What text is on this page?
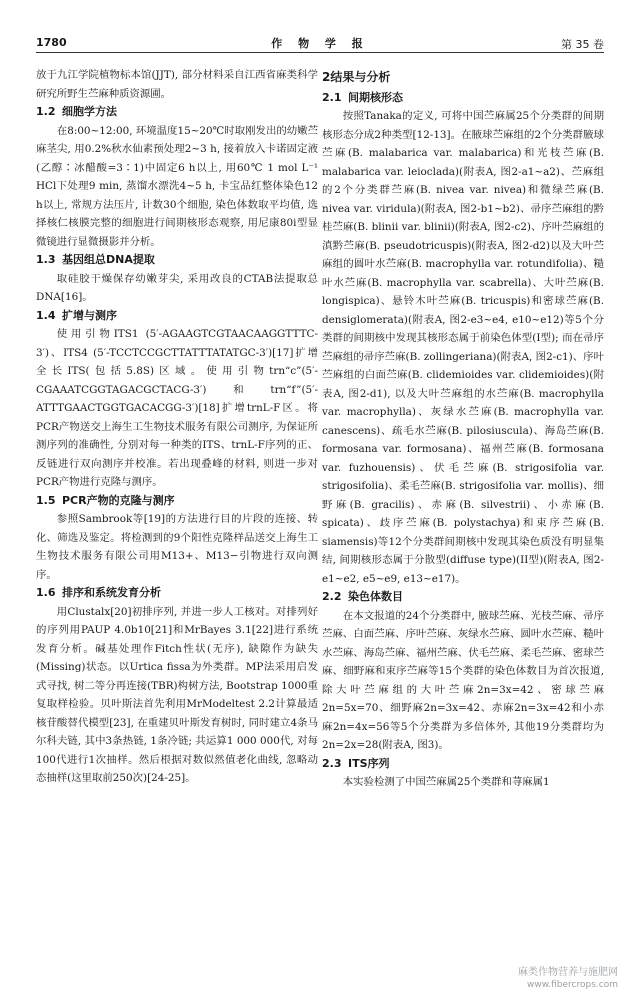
1780	作 物 学 报	第 35 卷

放于九江学院植物标本馆(JJT), 部分材料采自江西省麻类科学研究所野生苎麻种质资源圃。

1.2 细胞学方法

在8:00~12:00, 环境温度15~20℃时取刚发出的幼嫩苎麻茎尖, 用0.2%秋水仙素预处理2~3 h, 接着放入卡诺固定液(乙醇∶冰醋酸=3∶1)中固定6 h以上, 用60℃ 1 mol L⁻¹ HCl下处理9 min, 蒸馏水漂洗4~5 h, 卡宝品红整体染色12 h以上, 常规方法压片, 计数30个细胞, 染色体数取平均值, 选择核仁核膜完整的细胞进行间期核形态观察, 用尼康80i型显微镜进行显微摄影并分析。

1.3 基因组总DNA提取

取硅胶干燥保存幼嫩芽尖, 采用改良的CTAB法提取总DNA[16]。

1.4 扩增与测序

使用引物ITS1 (5′-AGAAGTCGTAACAAGGTTTC-3′)、ITS4 (5′-TCCTCCGCTTATTTATATGC-3′)[17]扩增全长ITS(包括5.8S)区域。使用引物trn“c”(5′-CGAAATCGGTAGACGCTACG-3′)和trn“f”(5′-ATTTGAACTGGTGACACGG-3′)[18]扩增trnL-F区。将PCR产物送交上海生工生物技术服务有限公司测序, 为保证所测序列的准确性, 分别对每一种类的ITS、trnL-F序列的正、反链进行双向测序并校准。若出现叠峰的材料, 则进一步对PCR产物进行克隆与测序。

1.5 PCR产物的克隆与测序

参照Sambrook等[19]的方法进行目的片段的连接、转化、筛选及鉴定。将检测到的9个阳性克隆样品送交上海生工生物技术服务有限公司用M13+、M13−引物进行双向测序。

1.6 排序和系统发育分析

用Clustalx[20]初排序列, 并进一步人工核对。对排列好的序列用PAUP 4.0b10[21]和MrBayes 3.1[22]进行系统发育分析。碱基处理作Fitch性状(无序), 缺隙作为缺失(Missing)状态。以Urtica fissa为外类群。MP法采用启发式寻找, 树二等分再连接(TBR)构树方法, Bootstrap 1000重复取样检验。贝叶斯法首先利用MrModeltest 2.2计算最适核苷酸替代模型[23], 在重建贝叶斯发育树时, 同时建立4条马尔科夫链, 其中3条热链, 1条冷链; 共运算1 000 000代, 对每100代进行1次抽样。然后根据对数似然值老化曲线, 忽略动态抽样(这里取前250次)[24-25]。

2结果与分析
2.1 间期核形态

按照Tanaka的定义, 可将中国苎麻属25个分类群的间期核形态分成2种类型[12-13]。在腋球苎麻组的2个分类群腋球苎麻(B. malabarica var. malabarica)和光枝苎麻(B. malabarica var. leioclada)(附表A, 图2-a1~a2)、苎麻组的2个分类群苎麻(B. nivea var. nivea)和微绿苎麻(B. nivea var. viridula)(附表A, 图2-b1~b2)、帚序苎麻组的黔桂苎麻(B. blinii var. blinii)(附表A, 图2-c2)、序叶苎麻组的滇黔苎麻(B. pseudotricuspis)(附表A, 图2-d2)以及大叶苎麻组的圆叶水苎麻(B. macrophylla var. rotundifolia)、糙叶水苎麻(B. macrophylla var. scabrella)、大叶苎麻(B. longispica)、悬铃木叶苎麻(B. tricuspis)和密球苎麻(B. densiglomerata)(附表A, 图2-e3~e4, e10~e12)等5个分类群的间期核中发现其核形态属于前染色体型(I型); 而在帚序苎麻组的帚序苎麻(B. zollingeriana)(附表A, 图2-c1)、序叶苎麻组的白面苎麻(B. clidemioides var. clidemioides)(附表A, 图2-d1), 以及大叶苎麻组的水苎麻(B. macrophylla var. macrophylla)、灰绿水苎麻(B. macrophylla var. canescens)、疏毛水苎麻(B. pilosiuscula)、海岛苎麻(B. formosana var. formosana)、福州苎麻(B. formosana var. fuzhouensis)、伏毛苎麻(B. strigosifolia var. strigosifolia)、柔毛苎麻(B. strigosifolia var. mollis)、细野麻(B. gracilis)、赤麻(B. silvestrii)、小赤麻(B. spicata)、歧序苎麻(B. polystachya)和束序苎麻(B. siamensis)等12个分类群间期核中发现其染色质没有明显集结, 间期核形态属于分散型(diffuse type)(II型)(附表A, 图2-e1~e2, e5~e9, e13~e17)。

2.2 染色体数目

在本文报道的24个分类群中, 腋球苎麻、光枝苎麻、帚序苎麻、白面苎麻、序叶苎麻、灰绿水苎麻、圆叶水苎麻、糙叶水苎麻、海岛苎麻、福州苎麻、伏毛苎麻、柔毛苎麻、密球苎麻、细野麻和束序苎麻等15个类群的染色体数目为首次报道, 除大叶苎麻组的大叶苎麻2n=3x=42、密球苎麻2n=5x=70、细野麻2n=3x=42、赤麻2n=3x=42和小赤麻2n=4x=56等5个分类群为多倍体外, 其他19分类群均为2n=2x=28(附表A, 图3)。

2.3 ITS序列

本实验检测了中国苎麻属25个类群和荨麻属1

麻类作物营养与施肥网
www.fibercrops.com
